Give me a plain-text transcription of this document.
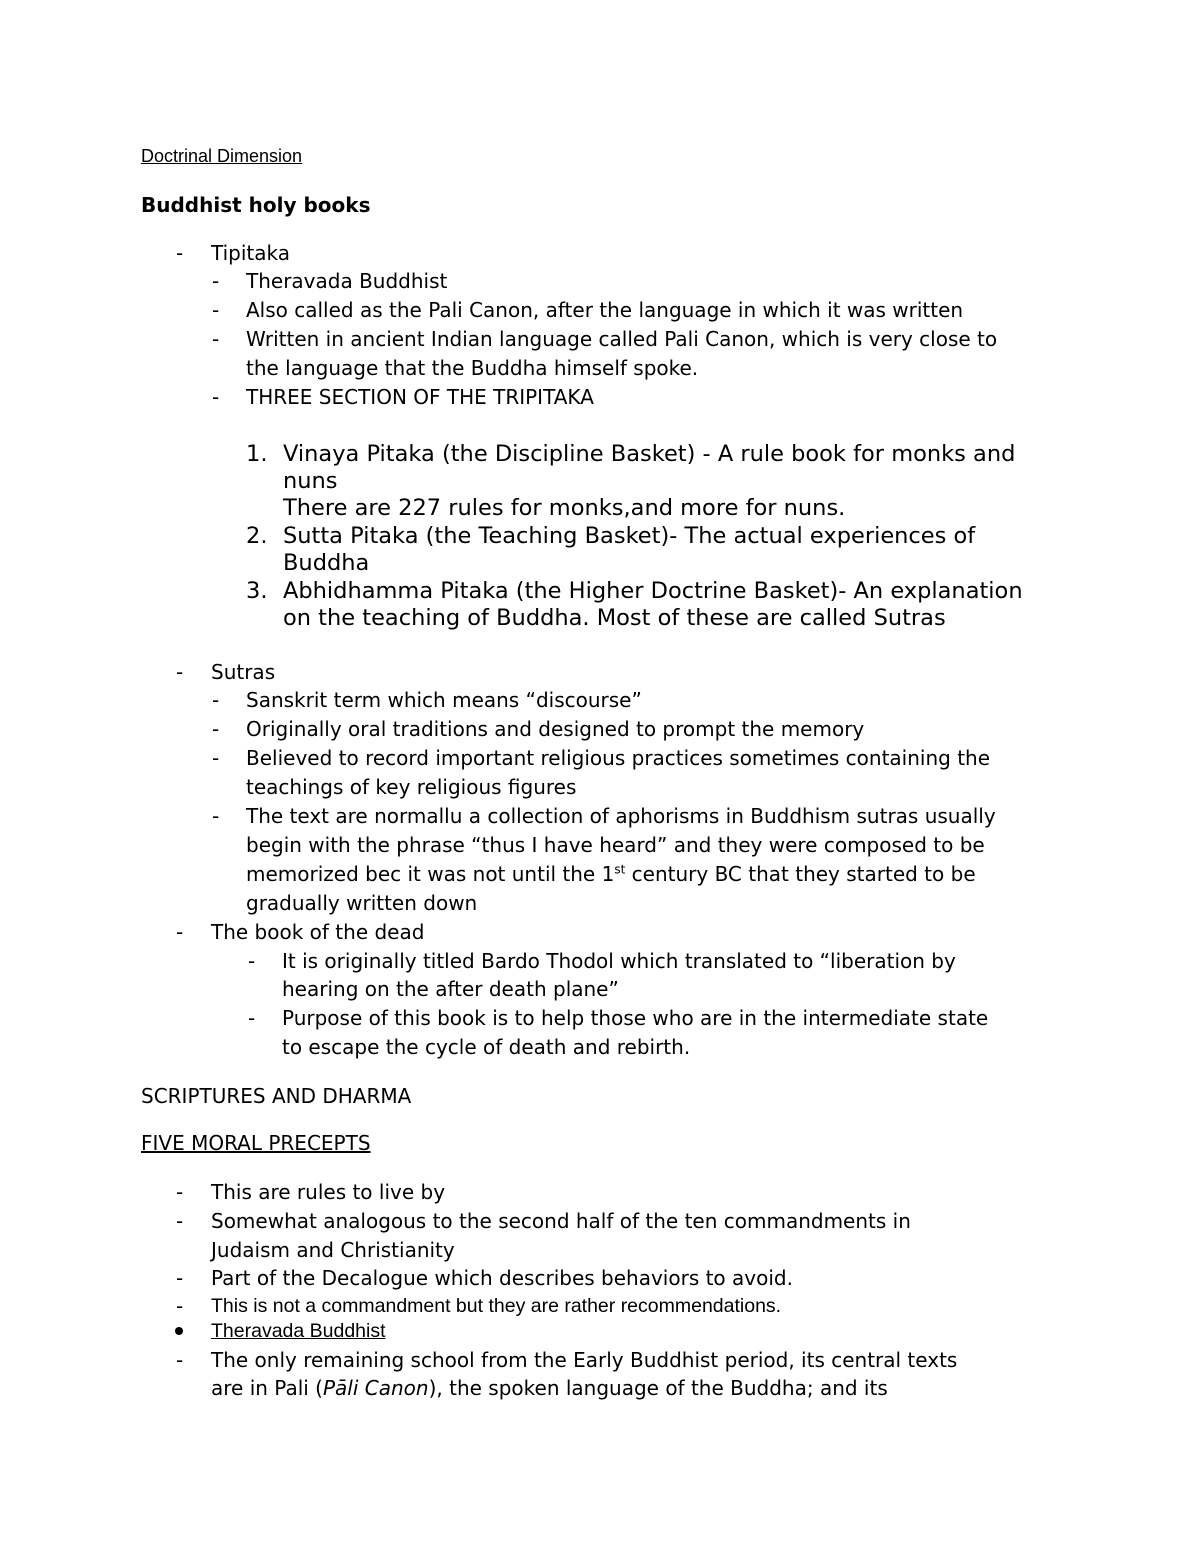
Doctrinal Dimension
Buddhist holy books
- Tipitaka
- Theravada Buddhist
- Also called as the Pali Canon, after the language in which it was written
- Written in ancient Indian language called Pali Canon, which is very close to
the language that the Buddha himself spoke.
- THREE SECTION OF THE TRIPITAKA
1. Vinaya Pitaka (the Discipline Basket) - A rule book for monks and
nuns
There are 227 rules for monks,and more for nuns.
2. Sutta Pitaka (the Teaching Basket)- The actual experiences of
Buddha
3. Abhidhamma Pitaka (the Higher Doctrine Basket)- An explanation
on the teaching of Buddha. Most of these are called Sutras
- Sutras
- Sanskrit term which means “discourse”
- Originally oral traditions and designed to prompt the memory
- Believed to record important religious practices sometimes containing the
teachings of key religious figures
- The text are normallu a collection of aphorisms in Buddhism sutras usually
begin with the phrase “thus I have heard” and they were composed to be
memorized bec it was not until the 1st century BC that they started to be
gradually written down
- The book of the dead
- It is originally titled Bardo Thodol which translated to “liberation by
hearing on the after death plane”
- Purpose of this book is to help those who are in the intermediate state
to escape the cycle of death and rebirth.
SCRIPTURES AND DHARMA
FIVE MORAL PRECEPTS
- This are rules to live by
- Somewhat analogous to the second half of the ten commandments in
Judaism and Christianity
- Part of the Decalogue which describes behaviors to avoid.
- This is not a commandment but they are rather recommendations.
Theravada Buddhist
- The only remaining school from the Early Buddhist period, its central texts
are in Pali (Pāli Canon), the spoken language of the Buddha; and its
